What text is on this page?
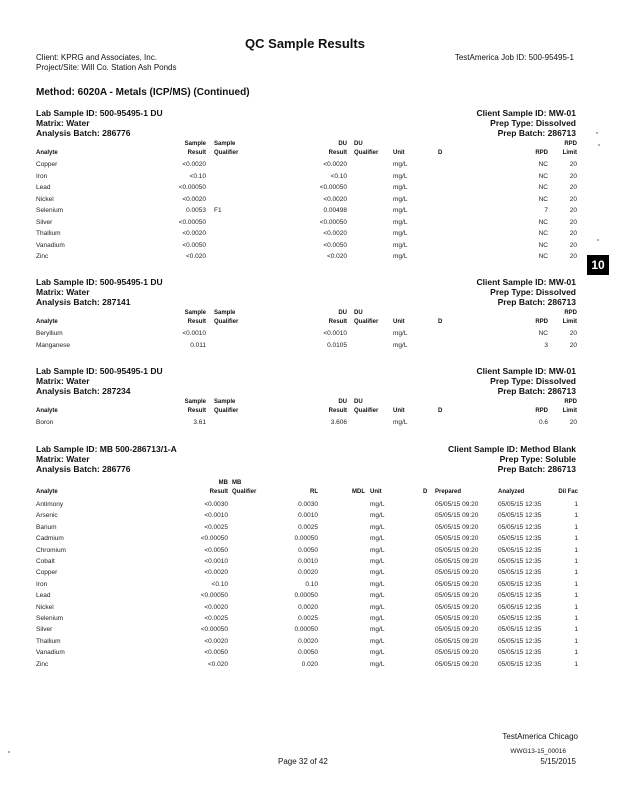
QC Sample Results
Client: KPRG and Associates, Inc.
Project/Site: Will Co. Station Ash Ponds
TestAmerica Job ID: 500-95495-1
Method: 6020A - Metals (ICP/MS) (Continued)
10
Lab Sample ID: 500-95495-1 DU	Client Sample ID: MW-01
Matrix: Water	Prep Type: Dissolved
Analysis Batch: 286776	Prep Batch: 286713
Sample Sample	DU DU	RPD
Analyte	Result Qualifier	Result Qualifier Unit	D	RPD Limit
Copper	<0.0020	<0.0020	mg/L	NC	20
Iron	<0.10	<0.10	mg/L	NC	20
Lead	<0.00050	<0.00050	mg/L	NC	20
Nickel	<0.0020	<0.0020	mg/L	NC	20
Selenium	0.0053 F1	0.00498	mg/L	7	20
Silver	<0.00050	<0.00050	mg/L	NC	20
Thallium	<0.0020	<0.0020	mg/L	NC	20
Vanadium	<0.0050	<0.0050	mg/L	NC	20
Zinc	<0.020	<0.020	mg/L	NC	20
Lab Sample ID: 500-95495-1 DU	Client Sample ID: MW-01
Matrix: Water	Prep Type: Dissolved
Analysis Batch: 287141	Prep Batch: 286713
Sample Sample	DU DU	RPD
Analyte	Result Qualifier	Result Qualifier Unit	D	RPD Limit
Beryllium	<0.0010	<0.0010	mg/L	NC	20
Manganese	0.011	0.0105	mg/L	3	20
Lab Sample ID: 500-95495-1 DU	Client Sample ID: MW-01
Matrix: Water	Prep Type: Dissolved
Analysis Batch: 287234	Prep Batch: 286713
Sample Sample	DU DU	RPD
Analyte	Result Qualifier	Result Qualifier Unit	D	RPD Limit
Boron	3.61	3.606	mg/L	0.6	20
Lab Sample ID: MB 500-286713/1-A	Client Sample ID: Method Blank
Matrix: Water	Prep Type: Soluble
Analysis Batch: 286776	Prep Batch: 286713
MB MB
Analyte	Result Qualifier	RL	MDL Unit	D Prepared	Analyzed	Dil Fac
Antimony	<0.0030	0.0030	mg/L	05/05/15 09:20	05/05/15 12:35	1
Arsenic	<0.0010	0.0010	mg/L	05/05/15 09:20	05/05/15 12:35	1
Barium	<0.0025	0.0025	mg/L	05/05/15 09:20	05/05/15 12:35	1
Cadmium	<0.00050	0.00050	mg/L	05/05/15 09:20	05/05/15 12:35	1
Chromium	<0.0050	0.0050	mg/L	05/05/15 09:20	05/05/15 12:35	1
Cobalt	<0.0010	0.0010	mg/L	05/05/15 09:20	05/05/15 12:35	1
Copper	<0.0020	0.0020	mg/L	05/05/15 09:20	05/05/15 12:35	1
Iron	<0.10	0.10	mg/L	05/05/15 09:20	05/05/15 12:35	1
Lead	<0.00050	0.00050	mg/L	05/05/15 09:20	05/05/15 12:35	1
Nickel	<0.0020	0.0020	mg/L	05/05/15 09:20	05/05/15 12:35	1
Selenium	<0.0025	0.0025	mg/L	05/05/15 09:20	05/05/15 12:35	1
Silver	<0.00050	0.00050	mg/L	05/05/15 09:20	05/05/15 12:35	1
Thallium	<0.0020	0.0020	mg/L	05/05/15 09:20	05/05/15 12:35	1
Vanadium	<0.0050	0.0050	mg/L	05/05/15 09:20	05/05/15 12:35	1
Zinc	<0.020	0.020	mg/L	05/05/15 09:20	05/05/15 12:35	1
TestAmerica Chicago
WWG13-15_00016
Page 32 of 42	5/15/2015
